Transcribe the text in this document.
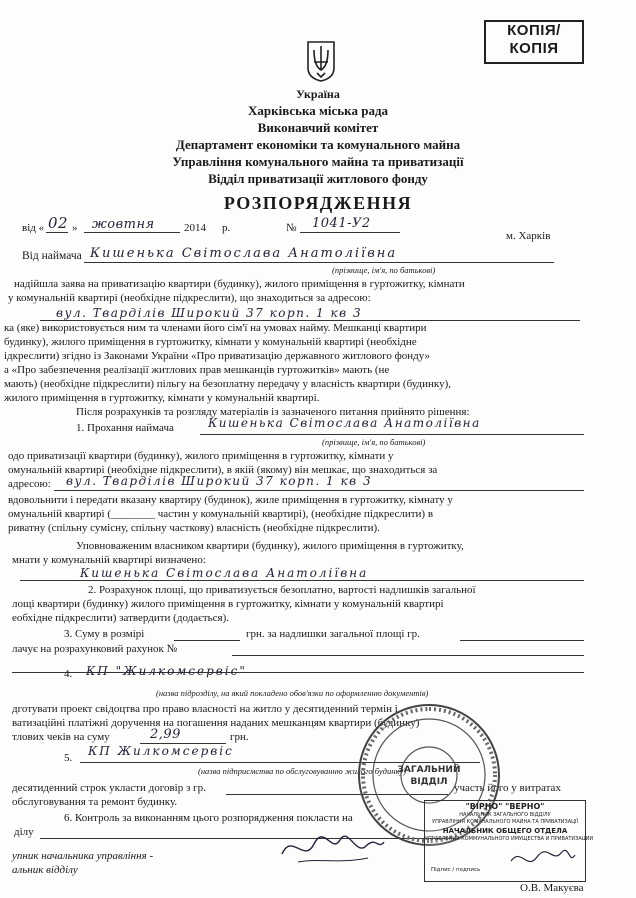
КОПІЯ/
КОПІЯ
Україна
Харківська міська рада
Виконавчий комітет
Департамент економіки та комунального майна
Управління комунального майна та приватизації
Відділ приватизації житлового фонду
РОЗПОРЯДЖЕННЯ
від « 02 » жовтня	2014 р.	№ 1041-У2
м. Харків
Від наймача Кишенька Світослава Анатоліївна
(прізвище, ім'я, по батькові)
надійшла заява на приватизацію квартири (будинку), жилого приміщення в гуртожитку, кімнати
у комунальній квартирі (необхідне підкреслити), що знаходиться за адресою:
вул. Тварділів Широкий 37 корп. 1 кв 3
ка (яке) використовується ним та членами його сім'ї на умовах найму. Мешканці квартири
будинку), жилого приміщення в гуртожитку, кімнати у комунальній квартирі (необхідне
ідкреслити) згідно із Законами України «Про приватизацію державного житлового фонду»
а «Про забезпечення реалізації житлових прав мешканців гуртожитків» мають (не
мають) (необхідне підкреслити) пільгу на безоплатну передачу у власність квартири (будинку),
жилого приміщення в гуртожитку, кімнати у комунальній квартирі.
Після розрахунків та розгляду матеріалів із зазначеного питання прийнято рішення:
1. Прохання наймача	Кишенька Світослава Анатоліївна
(прізвище, ім'я, по батькові)
одо приватизації квартири (будинку), жилого приміщення в гуртожитку, кімнати у
омунальній квартирі (необхідне підкреслити), в якій (якому) він мешкає, що знаходиться за
адресою: вул. Тварділів Широкий 37 корп. 1 кв 3
вдовольнити і передати вказану квартиру (будинок), жиле приміщення в гуртожитку, кімнату у
омунальній квартирі (________ частин у комунальній квартирі), (необхідне підкреслити) в
риватну (спільну сумісну, спільну часткову) власність (необхідне підкреслити).
Уповноваженим власником квартири (будинку), жилого приміщення в гуртожитку,
мнати у комунальній квартирі визначено:
Кишенька Світослава Анатоліївна
2. Розрахунок площі, що приватизується безоплатно, вартості надлишків загальної
лощі квартири (будинку) жилого приміщення в гуртожитку, кімнати у комунальній квартирі
еобхідне підкреслити) затвердити (додається).
3. Суму в розмірі	грн. за надлишки загальної площі гр.
лачує на розрахунковий рахунок №
4. КП "Жилкомсервіс"
(назва підрозділу, на який покладено обов'язки по оформленню документів)
дготувати проект свідоцтва про право власності на житло у десятиденний термін і
ватизаційні платіжні доручення на погашення наданих мешканцям квартири (будинку)
тлових чеків на суму	2,99	грн.
5. КП Жилкомсервіс
(назва підприємства по обслуговуванню жилого будинку)
десятиденний строк укласти договір з гр.	участь його у витратах
обслуговування та ремонт будинку.
6. Контроль за виконанням цього розпорядження покласти на
ділу
упник начальника управління -
альник відділу
О.В. Макуєва
ЗАГАЛЬНИЙ
ВІДДІЛ
"ВІРНО" "ВЕРНО"
НАЧАЛЬНИК ЗАГАЛЬНОГО ВІДДІЛУ
УПРАВЛІННЯ КОМУНАЛЬНОГО МАЙНА ТА ПРИВАТИЗАЦІЇ
НАЧАЛЬНИК ОБЩЕГО ОТДЕЛА
УПРАВЛЕНИЯ КОММУНАЛЬНОГО ИМУЩЕСТВА И ПРИВАТИЗАЦИИ
Підпис / подпись
